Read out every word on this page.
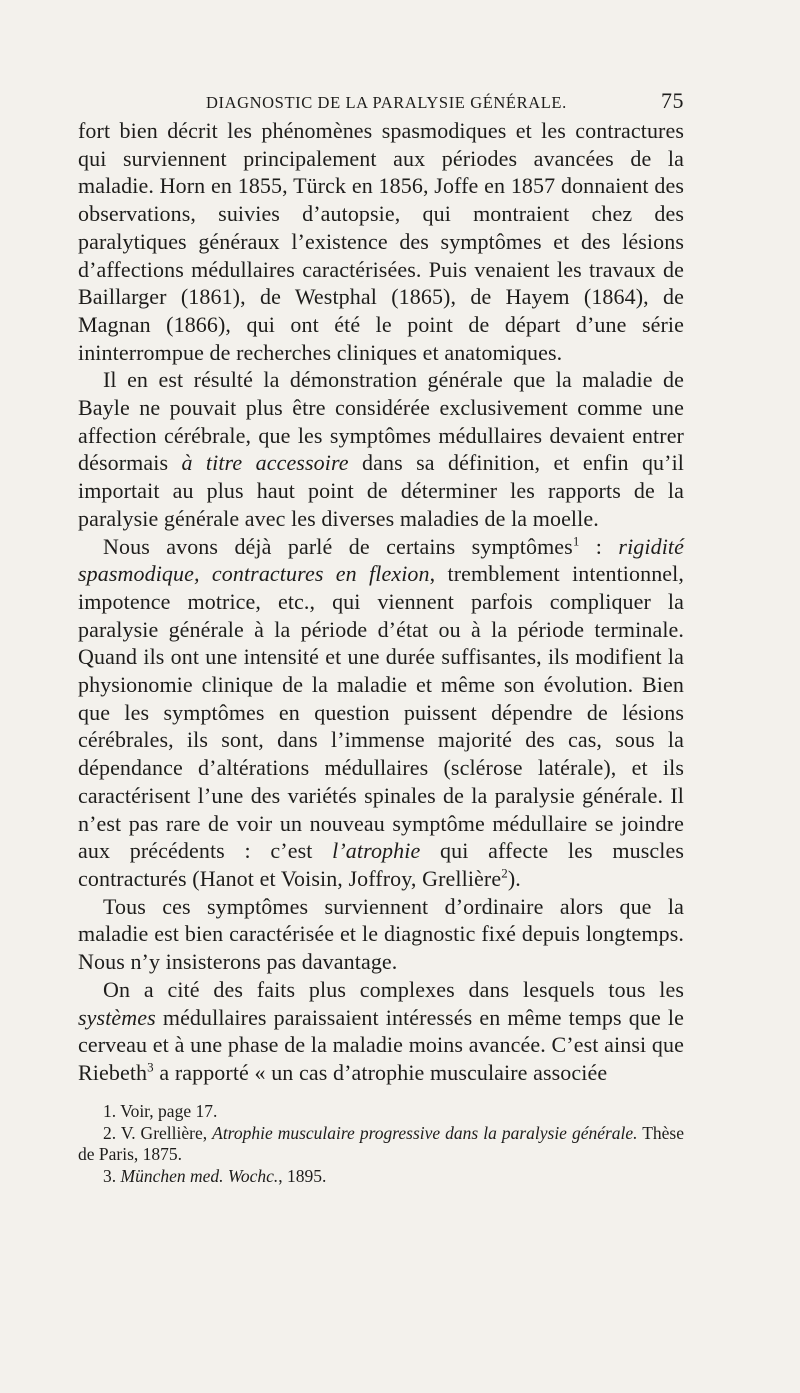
DIAGNOSTIC DE LA PARALYSIE GÉNÉRALE.	75

fort bien décrit les phénomènes spasmodiques et les contractures qui surviennent principalement aux périodes avancées de la maladie. Horn en 1855, Türck en 1856, Joffe en 1857 donnaient des observations, suivies d’autopsie, qui montraient chez des paralytiques généraux l’existence des symptômes et des lésions d’affections médullaires caractérisées. Puis venaient les travaux de Baillarger (1861), de Westphal (1865), de Hayem (1864), de Magnan (1866), qui ont été le point de départ d’une série ininterrompue de recherches cliniques et anatomiques.

Il en est résulté la démonstration générale que la maladie de Bayle ne pouvait plus être considérée exclusivement comme une affection cérébrale, que les symptômes médullaires devaient entrer désormais à titre accessoire dans sa définition, et enfin qu’il importait au plus haut point de déterminer les rapports de la paralysie générale avec les diverses maladies de la moelle.

Nous avons déjà parlé de certains symptômes$^1$ : rigidité spasmodique, contractures en flexion, tremblement intentionnel, impotence motrice, etc., qui viennent parfois compliquer la paralysie générale à la période d’état ou à la période terminale. Quand ils ont une intensité et une durée suffisantes, ils modifient la physionomie clinique de la maladie et même son évolution. Bien que les symptômes en question puissent dépendre de lésions cérébrales, ils sont, dans l’immense majorité des cas, sous la dépendance d’altérations médullaires (sclérose latérale), et ils caractérisent l’une des variétés spinales de la paralysie générale. Il n’est pas rare de voir un nouveau symptôme médullaire se joindre aux précédents : c’est l’atrophie qui affecte les muscles contracturés (Hanot et Voisin, Joffroy, Grellière$^2$).

Tous ces symptômes surviennent d’ordinaire alors que la maladie est bien caractérisée et le diagnostic fixé depuis longtemps. Nous n’y insisterons pas davantage.

On a cité des faits plus complexes dans lesquels tous les systèmes médullaires paraissaient intéressés en même temps que le cerveau et à une phase de la maladie moins avancée. C’est ainsi que Riebeth$^3$ a rapporté « un cas d’atrophie musculaire associée

1. Voir, page 17.

2. V. Grellière, Atrophie musculaire progressive dans la paralysie générale. Thèse de Paris, 1875.

3. München med. Wochc., 1895.
